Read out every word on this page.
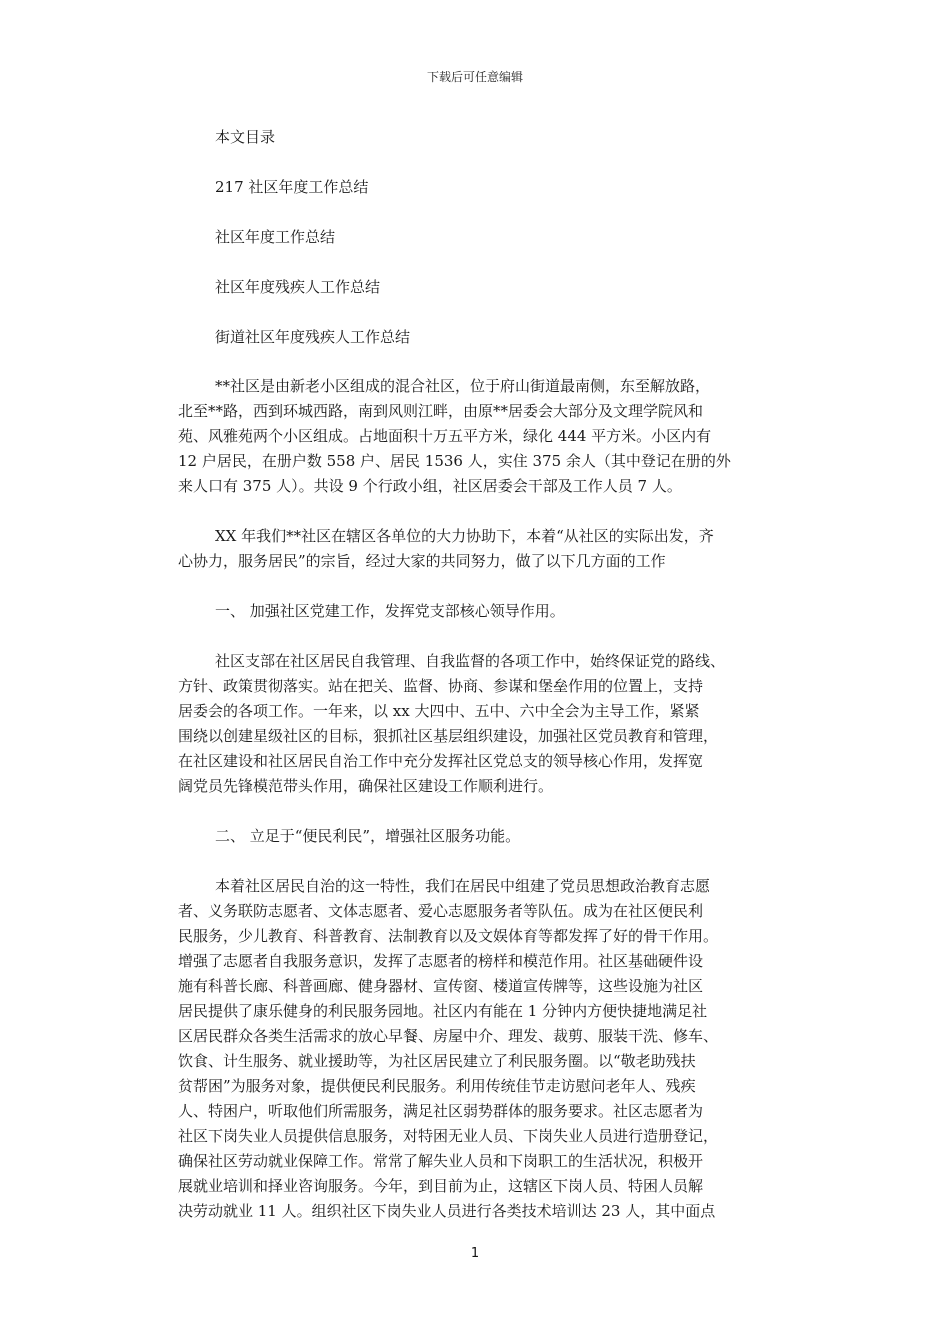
下载后可任意编辑
本文目录
217 社区年度工作总结
社区年度工作总结
社区年度残疾人工作总结
街道社区年度残疾人工作总结
**社区是由新老小区组成的混合社区，位于府山街道最南侧，东至解放路，
北至**路，西到环城西路，南到风则江畔，由原**居委会大部分及文理学院风和
苑、风雅苑两个小区组成。占地面积十万五平方米，绿化 444 平方米。小区内有
12 户居民，在册户数 558 户、居民 1536 人，实住 375 余人（其中登记在册的外
来人口有 375 人）。共设 9 个行政小组，社区居委会干部及工作人员 7 人。
XX 年我们**社区在辖区各单位的大力协助下，本着“从社区的实际出发，齐
心协力，服务居民”的宗旨，经过大家的共同努力，做了以下几方面的工作
一、 加强社区党建工作，发挥党支部核心领导作用。
社区支部在社区居民自我管理、自我监督的各项工作中，始终保证党的路线、
方针、政策贯彻落实。站在把关、监督、协商、参谋和堡垒作用的位置上，支持
居委会的各项工作。一年来，以 xx 大四中、五中、六中全会为主导工作，紧紧
围绕以创建星级社区的目标，狠抓社区基层组织建设，加强社区党员教育和管理，
在社区建设和社区居民自治工作中充分发挥社区党总支的领导核心作用，发挥宽
阔党员先锋模范带头作用，确保社区建设工作顺利进行。
二、 立足于“便民利民”，增强社区服务功能。
本着社区居民自治的这一特性，我们在居民中组建了党员思想政治教育志愿
者、义务联防志愿者、文体志愿者、爱心志愿服务者等队伍。成为在社区便民利
民服务，少儿教育、科普教育、法制教育以及文娱体育等都发挥了好的骨干作用。
增强了志愿者自我服务意识，发挥了志愿者的榜样和模范作用。社区基础硬件设
施有科普长廊、科普画廊、健身器材、宣传窗、楼道宣传牌等，这些设施为社区
居民提供了康乐健身的利民服务园地。社区内有能在 1 分钟内方便快捷地满足社
区居民群众各类生活需求的放心早餐、房屋中介、理发、裁剪、服装干洗、修车、
饮食、计生服务、就业援助等，为社区居民建立了利民服务圈。以“敬老助残扶
贫帮困”为服务对象，提供便民利民服务。利用传统佳节走访慰问老年人、残疾
人、特困户，听取他们所需服务，满足社区弱势群体的服务要求。社区志愿者为
社区下岗失业人员提供信息服务，对特困无业人员、下岗失业人员进行造册登记，
确保社区劳动就业保障工作。常常了解失业人员和下岗职工的生活状况，积极开
展就业培训和择业咨询服务。今年，到目前为止，这辖区下岗人员、特困人员解
决劳动就业 11 人。组织社区下岗失业人员进行各类技术培训达 23 人，其中面点
1
